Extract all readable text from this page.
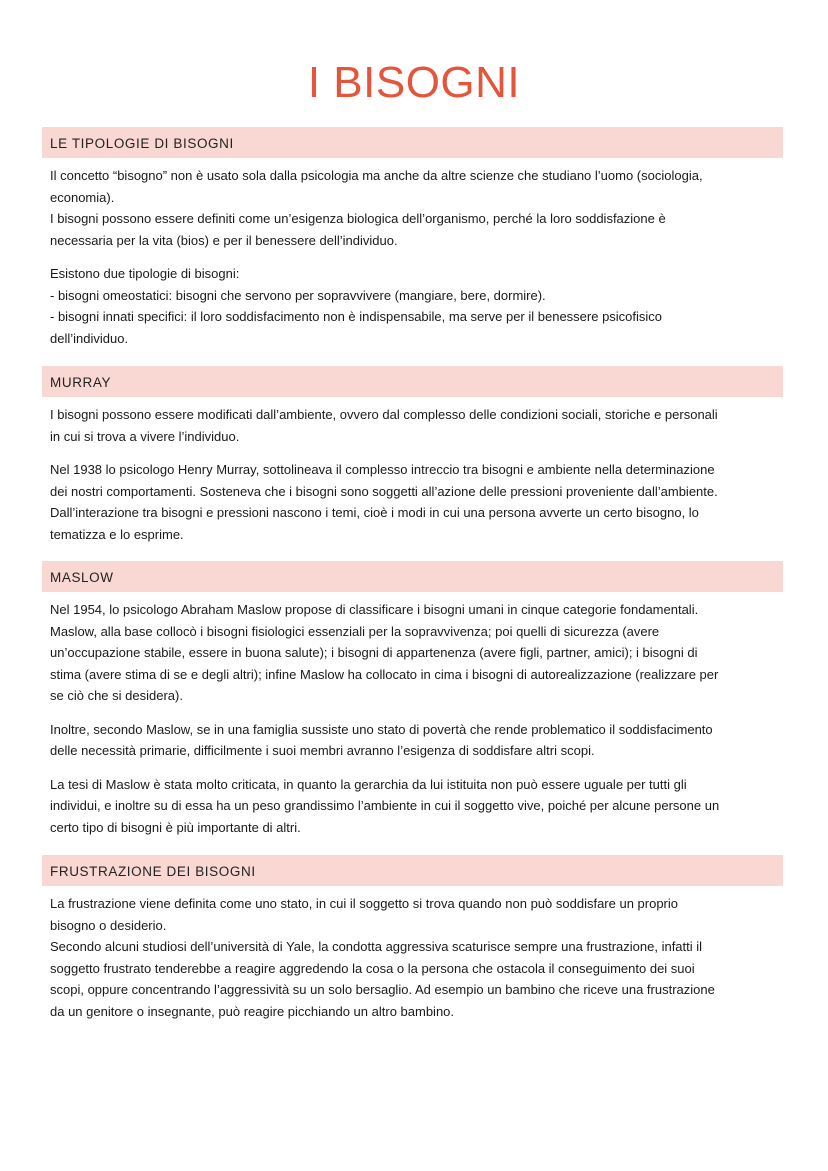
I BISOGNI
LE TIPOLOGIE DI BISOGNI
Il concetto “bisogno” non è usato sola dalla psicologia ma anche da altre scienze che studiano l’uomo (sociologia,
economia).
I bisogni possono essere definiti come un’esigenza biologica dell’organismo, perché la loro soddisfazione è
necessaria per la vita (bios) e per il benessere dell’individuo.
Esistono due tipologie di bisogni:
- bisogni omeostatici: bisogni che servono per sopravvivere (mangiare, bere, dormire).
- bisogni innati specifici: il loro soddisfacimento non è indispensabile, ma serve per il benessere psicofisico
dell’individuo.
MURRAY
I bisogni possono essere modificati dall’ambiente, ovvero dal complesso delle condizioni sociali, storiche e personali
in cui si trova a vivere l’individuo.
Nel 1938 lo psicologo Henry Murray, sottolineava il complesso intreccio tra bisogni e ambiente nella determinazione
dei nostri comportamenti. Sosteneva che i bisogni sono soggetti all’azione delle pressioni proveniente dall’ambiente.
Dall’interazione tra bisogni e pressioni nascono i temi, cioè i modi in cui una persona avverte un certo bisogno, lo
tematizza e lo esprime.
MASLOW
Nel 1954, lo psicologo Abraham Maslow propose di classificare i bisogni umani in cinque categorie fondamentali.
Maslow, alla base collocò i bisogni fisiologici essenziali per la sopravvivenza; poi quelli di sicurezza (avere
un’occupazione stabile, essere in buona salute); i bisogni di appartenenza (avere figli, partner, amici); i bisogni di
stima (avere stima di se e degli altri); infine Maslow ha collocato in cima i bisogni di autorealizzazione (realizzare per
se ciò che si desidera).
Inoltre, secondo Maslow, se in una famiglia sussiste uno stato di povertà che rende problematico il soddisfacimento
delle necessità primarie, difficilmente i suoi membri avranno l’esigenza di soddisfare altri scopi.
La tesi di Maslow è stata molto criticata, in quanto la gerarchia da lui istituita non può essere uguale per tutti gli
individui, e inoltre su di essa ha un peso grandissimo l’ambiente in cui il soggetto vive, poiché per alcune persone un
certo tipo di bisogni è più importante di altri.
FRUSTRAZIONE DEI BISOGNI
La frustrazione viene definita come uno stato, in cui il soggetto si trova quando non può soddisfare un proprio
bisogno o desiderio.
Secondo alcuni studiosi dell’università di Yale, la condotta aggressiva scaturisce sempre una frustrazione, infatti il
soggetto frustrato tenderebbe a reagire aggredendo la cosa o la persona che ostacola il conseguimento dei suoi
scopi, oppure concentrando l’aggressività su un solo bersaglio. Ad esempio un bambino che riceve una frustrazione
da un genitore o insegnante, può reagire picchiando un altro bambino.
